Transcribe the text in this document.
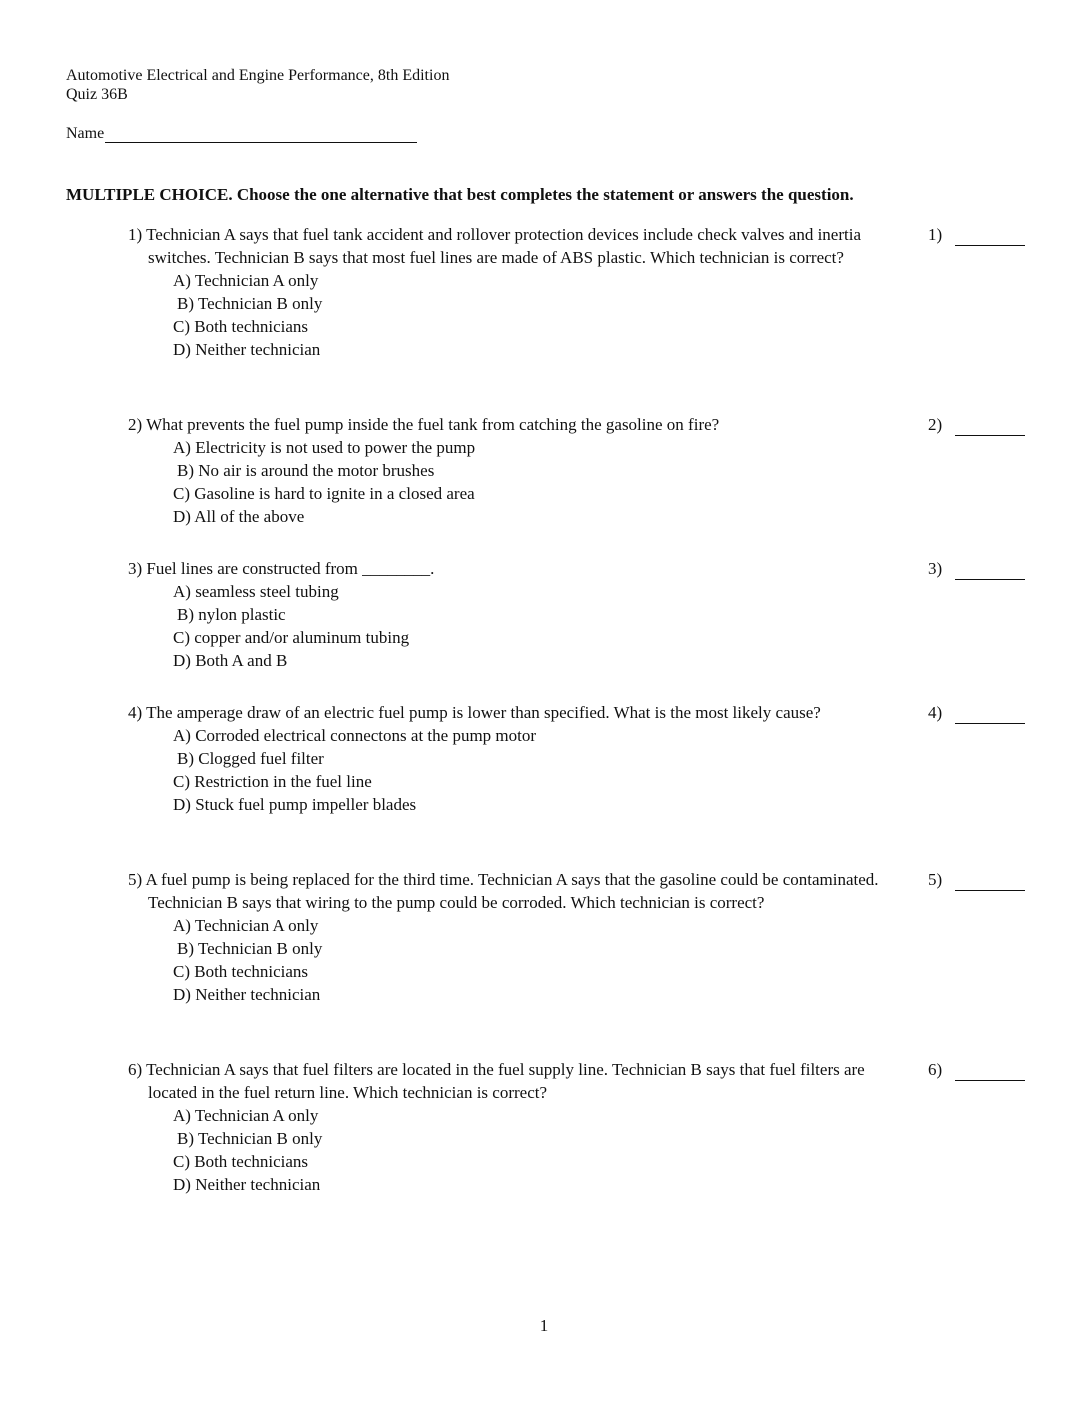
Automotive Electrical and Engine Performance, 8th Edition
Quiz 36B
Name
MULTIPLE CHOICE. Choose the one alternative that best completes the statement or answers the question.
1) Technician A says that fuel tank accident and rollover protection devices include check valves and inertia switches. Technician B says that most fuel lines are made of ABS plastic. Which technician is correct?
A) Technician A only
B) Technician B only
C) Both technicians
D) Neither technician
1)
2) What prevents the fuel pump inside the fuel tank from catching the gasoline on fire?
A) Electricity is not used to power the pump
B) No air is around the motor brushes
C) Gasoline is hard to ignite in a closed area
D) All of the above
2)
3) Fuel lines are constructed from ________.
A) seamless steel tubing
B) nylon plastic
C) copper and/or aluminum tubing
D) Both A and B
3)
4) The amperage draw of an electric fuel pump is lower than specified. What is the most likely cause?
A) Corroded electrical connectons at the pump motor
B) Clogged fuel filter
C) Restriction in the fuel line
D) Stuck fuel pump impeller blades
4)
5) A fuel pump is being replaced for the third time. Technician A says that the gasoline could be contaminated. Technician B says that wiring to the pump could be corroded. Which technician is correct?
A) Technician A only
B) Technician B only
C) Both technicians
D) Neither technician
5)
6) Technician A says that fuel filters are located in the fuel supply line. Technician B says that fuel filters are located in the fuel return line. Which technician is correct?
A) Technician A only
B) Technician B only
C) Both technicians
D) Neither technician
6)
1
